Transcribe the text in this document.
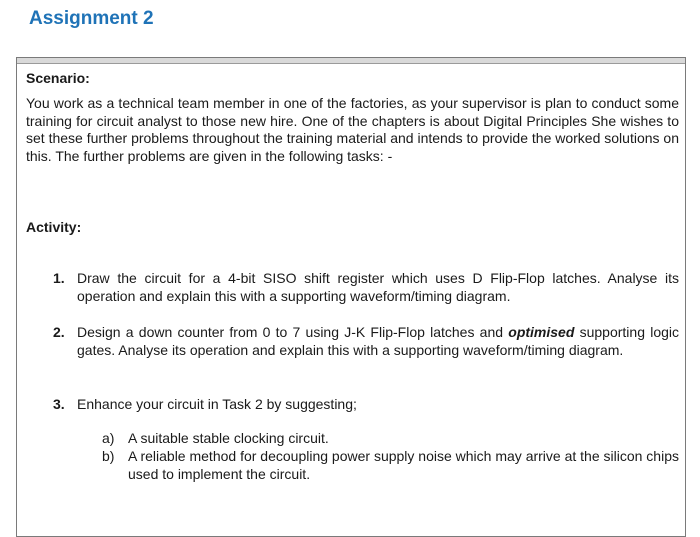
Assignment 2
Scenario:

You work as a technical team member in one of the factories, as your supervisor is plan to conduct some training for circuit analyst to those new hire. One of the chapters is about Digital Principles She wishes to set these further problems throughout the training material and intends to provide the worked solutions on this. The further problems are given in the following tasks: -

Activity:
1. Draw the circuit for a 4-bit SISO shift register which uses D Flip-Flop latches. Analyse its operation and explain this with a supporting waveform/timing diagram.
2. Design a down counter from 0 to 7 using J-K Flip-Flop latches and optimised supporting logic gates. Analyse its operation and explain this with a supporting waveform/timing diagram.
3. Enhance your circuit in Task 2 by suggesting;
a) A suitable stable clocking circuit.
b) A reliable method for decoupling power supply noise which may arrive at the silicon chips used to implement the circuit.
